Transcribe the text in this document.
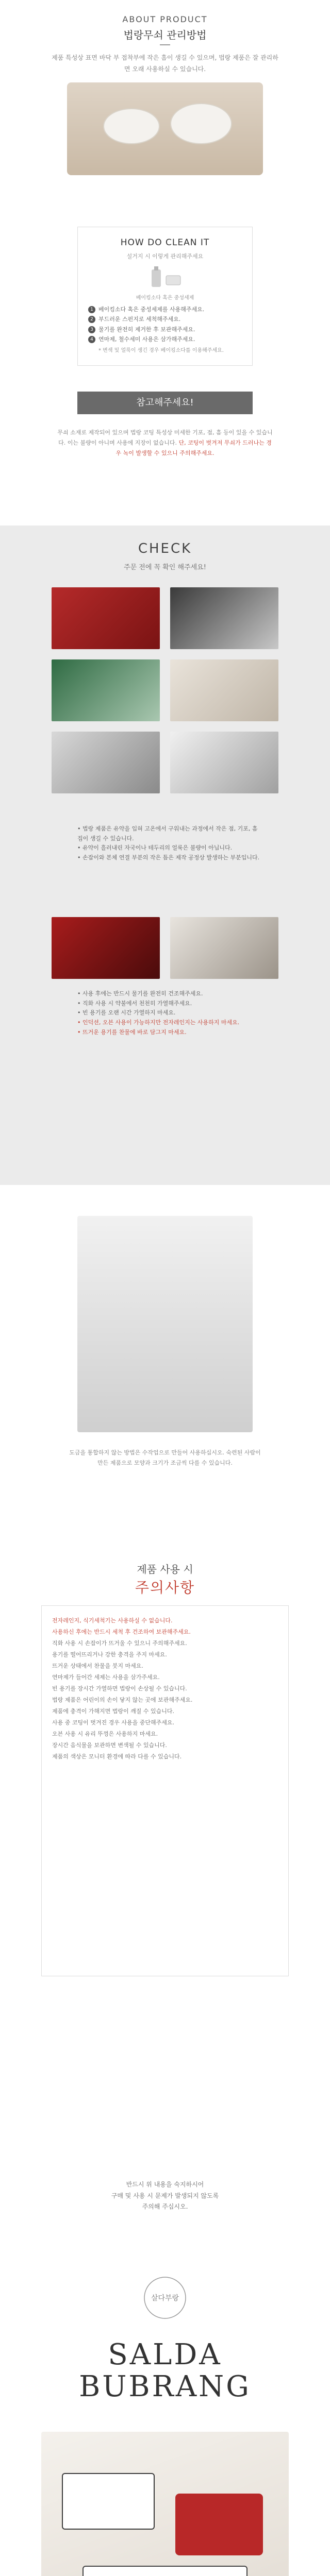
ABOUT PRODUCT
법랑무쇠 관리방법
제품 특성상 표면 바닥 부 접착부에 작은 흠이 생길 수 있으며, 법랑 제품은 잘 관리하면 오래 사용하실 수 있습니다.
HOW DO CLEAN IT
설거지 시 이렇게 관리해주세요
베이킹소다 혹은 중성세제
1 베이킹소다 혹은 중성세제를 사용해주세요.
2 부드러운 스펀지로 세척해주세요.
3 물기를 완전히 제거한 후 보관해주세요.
4 연마제, 철수세미 사용은 삼가해주세요.
* 변색 및 얼룩이 생긴 경우 베이킹소다를 이용해주세요.
참고해주세요!
무쇠 소재로 제작되어 있으며 법랑 코팅 특성상 미세한 기포, 점, 흠 등이 있을 수 있습니다. 이는 불량이 아니며 사용에 지장이 없습니다. 단, 코팅이 벗겨져 무쇠가 드러나는 경우 녹이 발생할 수 있으니 주의해주세요.
CHECK
주문 전에 꼭 확인 해주세요!
• 법랑 제품은 유약을 입혀 고온에서 구워내는 과정에서 작은 점, 기포, 흠집이 생길 수 있습니다.
• 유약이 흘러내린 자국이나 테두리의 얼룩은 불량이 아닙니다.
• 손잡이와 본체 연결 부분의 작은 틈은 제작 공정상 발생하는 부분입니다.
• 사용 후에는 반드시 물기를 완전히 건조해주세요.
• 직화 사용 시 약불에서 천천히 가열해주세요.
• 빈 용기를 오랜 시간 가열하지 마세요.
• 인덕션, 오븐 사용이 가능하지만 전자레인지는 사용하지 마세요.
• 뜨거운 용기를 찬물에 바로 담그지 마세요.
도금을 통합하지 않는 방법은 수작업으로 만들어 사용하십시오. 숙련된 사람이 만든 제품으로 모양과 크기가 조금씩 다를 수 있습니다.
제품 사용 시
주의사항
전자레인지, 식기세척기는 사용하실 수 없습니다.
사용하신 후에는 반드시 세척 후 건조하여 보관해주세요.
직화 사용 시 손잡이가 뜨거울 수 있으니 주의해주세요.
용기를 떨어뜨리거나 강한 충격을 주지 마세요.
뜨거운 상태에서 찬물을 붓지 마세요.
연마제가 들어간 세제는 사용을 삼가주세요.
빈 용기를 장시간 가열하면 법랑이 손상될 수 있습니다.
법랑 제품은 어린이의 손이 닿지 않는 곳에 보관해주세요.
제품에 충격이 가해지면 법랑이 깨질 수 있습니다.
사용 중 코팅이 벗겨진 경우 사용을 중단해주세요.
오븐 사용 시 유리 뚜껑은 사용하지 마세요.
장시간 음식물을 보관하면 변색될 수 있습니다.
제품의 색상은 모니터 환경에 따라 다를 수 있습니다.
반드시 위 내용을 숙지하시어
구매 및 사용 시 문제가 발생되지 않도록
주의해 주십시오.
살다부랑
SALDA
BUBRANG
